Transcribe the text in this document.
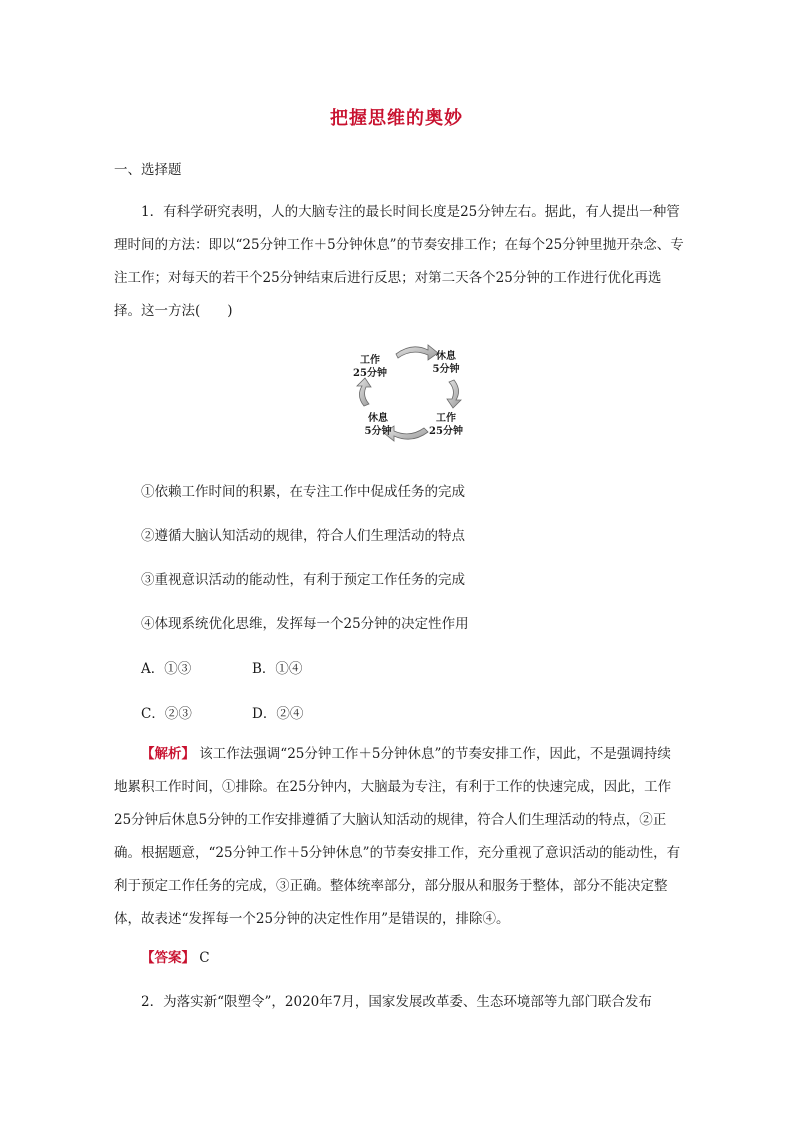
把握思维的奥妙
一、选择题
1．有科学研究表明，人的大脑专注的最长时间长度是25分钟左右。据此，有人提出一种管理时间的方法：即以“25分钟工作＋5分钟休息”的节奏安排工作；在每个25分钟里抛开杂念、专注工作；对每天的若干个25分钟结束后进行反思；对第二天各个25分钟的工作进行优化再选择。这一方法(　　)
工作
25分钟
休息
5分钟
工作
25分钟
休息
5分钟
①依赖工作时间的积累，在专注工作中促成任务的完成
②遵循大脑认知活动的规律，符合人们生理活动的特点
③重视意识活动的能动性，有利于预定工作任务的完成
④体现系统优化思维，发挥每一个25分钟的决定性作用
A．①③	B．①④
C．②③	D．②④
【解析】 该工作法强调“25分钟工作＋5分钟休息”的节奏安排工作，因此，不是强调持续地累积工作时间，①排除。在25分钟内，大脑最为专注，有利于工作的快速完成，因此，工作25分钟后休息5分钟的工作安排遵循了大脑认知活动的规律，符合人们生理活动的特点，②正确。根据题意，“25分钟工作＋5分钟休息”的节奏安排工作，充分重视了意识活动的能动性，有利于预定工作任务的完成，③正确。整体统率部分，部分服从和服务于整体，部分不能决定整体，故表述“发挥每一个25分钟的决定性作用”是错误的，排除④。
【答案】 C
2．为落实新“限塑令”，2020年7月，国家发展改革委、生态环境部等九部门联合发布
